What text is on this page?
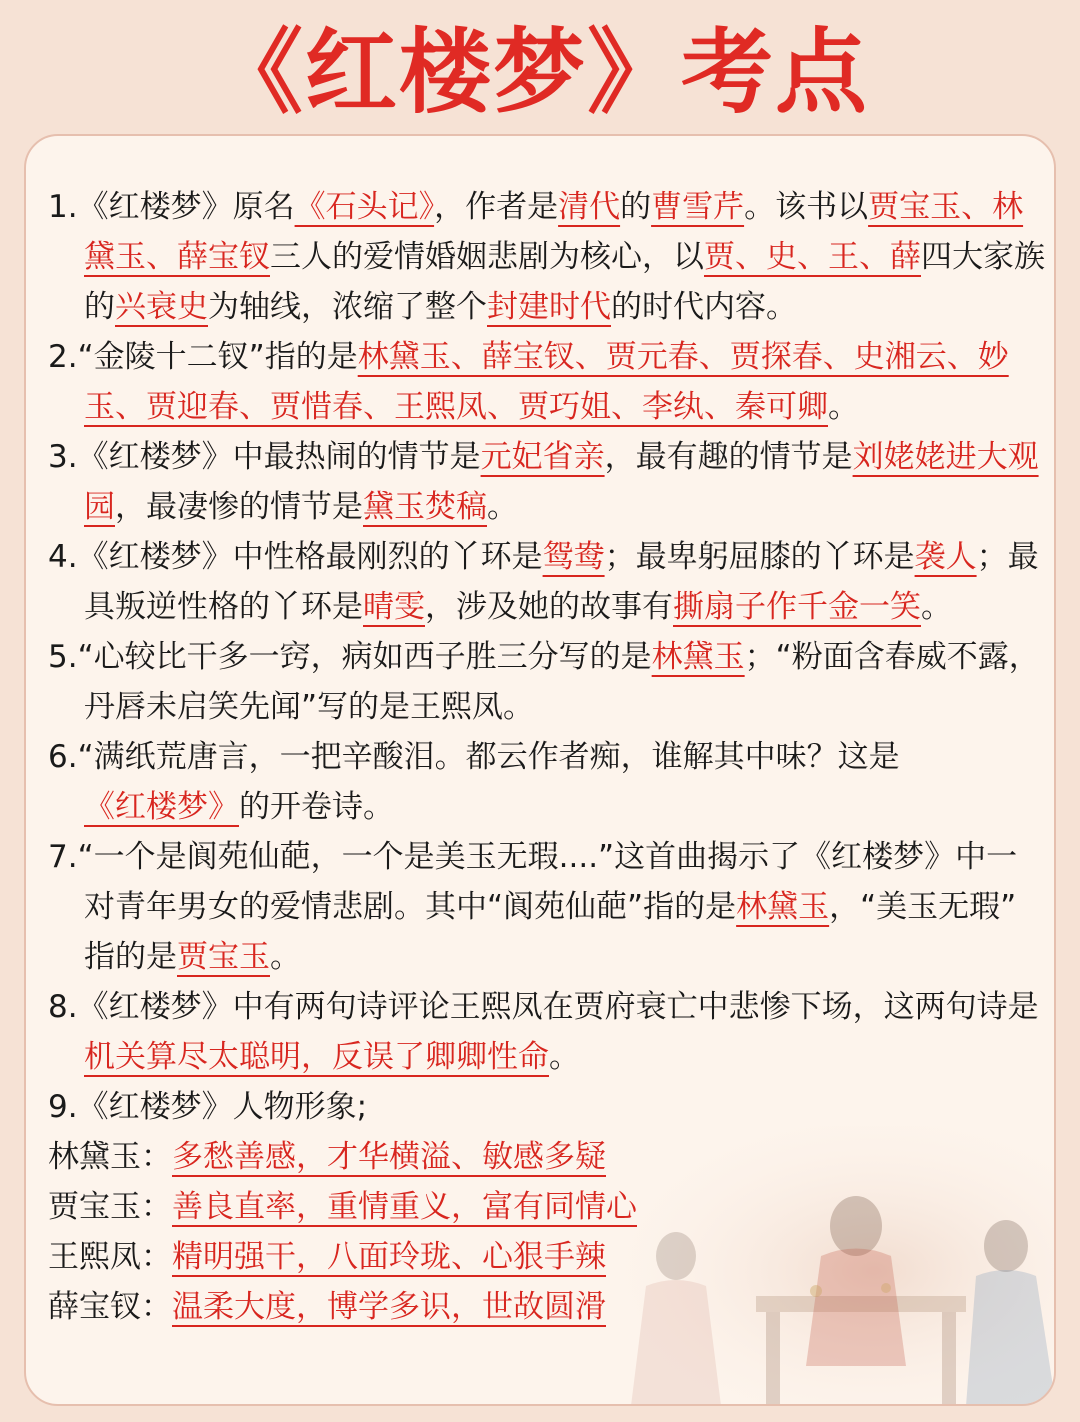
《红楼梦》考点

1.《红楼梦》原名《石头记》，作者是清代的曹雪芹。该书以贾宝玉、林黛玉、薛宝钗三人的爱情婚姻悲剧为核心，以贾、史、王、薛四大家族的兴衰史为轴线，浓缩了整个封建时代的时代内容。

2.“金陵十二钗”指的是林黛玉、薛宝钗、贾元春、贾探春、史湘云、妙玉、贾迎春、贾惜春、王熙凤、贾巧姐、李纨、秦可卿。

3.《红楼梦》中最热闹的情节是元妃省亲，最有趣的情节是刘姥姥进大观园，最凄惨的情节是黛玉焚稿。

4.《红楼梦》中性格最刚烈的丫环是鸳鸯；最卑躬屈膝的丫环是袭人；最具叛逆性格的丫环是晴雯，涉及她的故事有撕扇子作千金一笑。

5.“心较比干多一窍，病如西子胜三分写的是林黛玉；“粉面含春威不露，丹唇未启笑先闻”写的是王熙凤。

6.“满纸荒唐言，一把辛酸泪。都云作者痴，谁解其中味？这是《红楼梦》的开卷诗。

7.“一个是阆苑仙葩，一个是美玉无瑕....”这首曲揭示了《红楼梦》中一对青年男女的爱情悲剧。其中“阆苑仙葩”指的是林黛玉，“美玉无瑕” 指的是贾宝玉。

8.《红楼梦》中有两句诗评论王熙凤在贾府衰亡中悲惨下场，这两句诗是机关算尽太聪明，反误了卿卿性命。

9.《红楼梦》人物形象;

林黛玉：多愁善感，才华横溢、敏感多疑

贾宝玉：善良直率，重情重义，富有同情心

王熙凤：精明强干，八面玲珑、心狠手辣

薛宝钗：温柔大度，博学多识，世故圆滑
